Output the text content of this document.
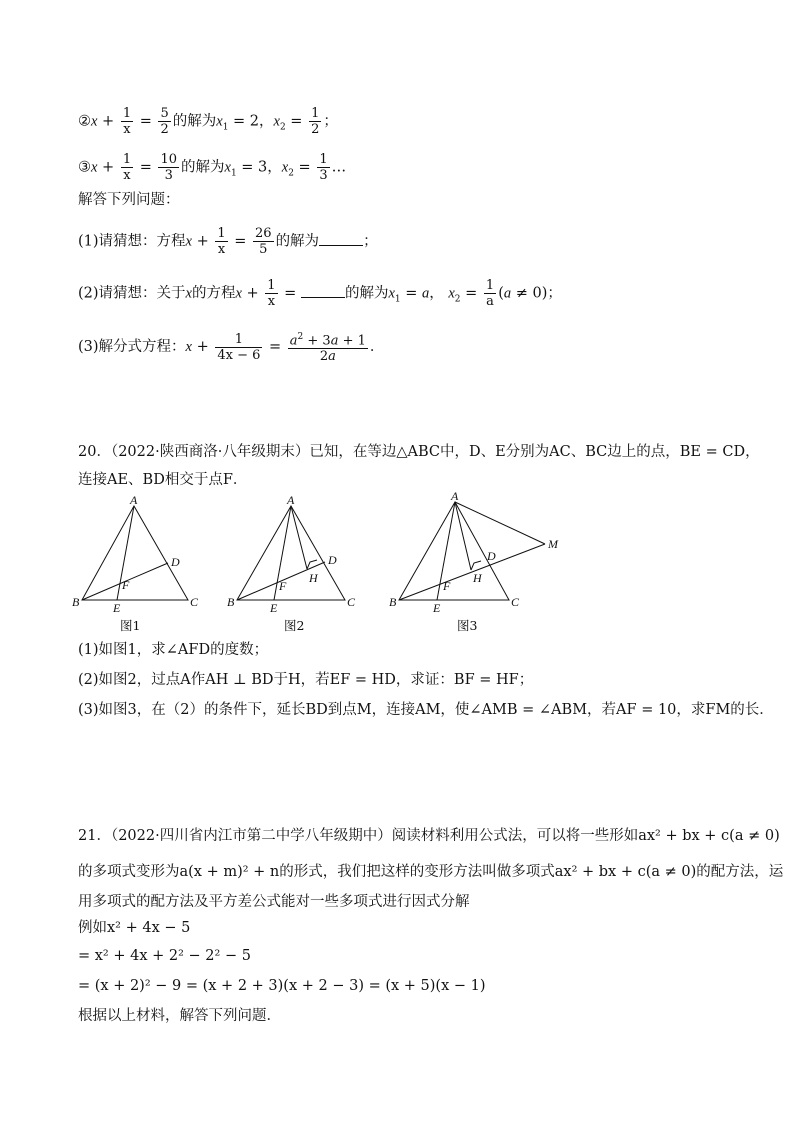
②x + $\frac{1}{x} = \frac{5}{2}$ 的解为$x_1 = 2$，$x_2 = \frac{1}{2}$ ；
③x + $\frac{1}{x} = \frac{10}{3}$ 的解为$x_1 = 3$，$x_2 = \frac{1}{3}$ …
解答下列问题：
(1)请猜想：方程$x + \frac{1}{x} = \frac{26}{5}$ 的解为	；
(2)请猜想：关于x的方程$x + \frac{1}{x}$ =	的解为$x_1 = a$， $x_2 = \frac{1}{a} (a \ne 0)$；
(3)解分式方程：$x + \frac{1}{4x - 6} = \frac{a^2 + 3a + 1}{2a}$ ．
20．（2022·陕西商洛·八年级期末）已知，在等边△ABC中，D、E分别为AC、BC边上的点，BE = CD，
连接AE、BD相交于点F．
A
B	C
D
E
F
图1
A
B	C
D
H
E
F
图2
A
B	C
D
H
M
E
F
图3
(1)如图1，求∠AFD的度数；
(2)如图2，过点A作AH ⊥ BD于H，若EF = HD，求证：BF = HF；
(3)如图3，在（2）的条件下，延长BD到点M，连接AM，使∠AMB = ∠ABM，若AF = 10，求FM的长．
21．（2022·四川省内江市第二中学八年级期中）阅读材料利用公式法，可以将一些形如ax² + bx + c(a ≠ 0)
的多项式变形为a(x + m)² + n的形式，我们把这样的变形方法叫做多项式ax² + bx + c(a ≠ 0)的配方法，运
用多项式的配方法及平方差公式能对一些多项式进行因式分解
例如x² + 4x − 5
= x² + 4x + 2² − 2² − 5
= (x + 2)² − 9 = (x + 2 + 3)(x + 2 − 3) = (x + 5)(x − 1)
根据以上材料，解答下列问题．
